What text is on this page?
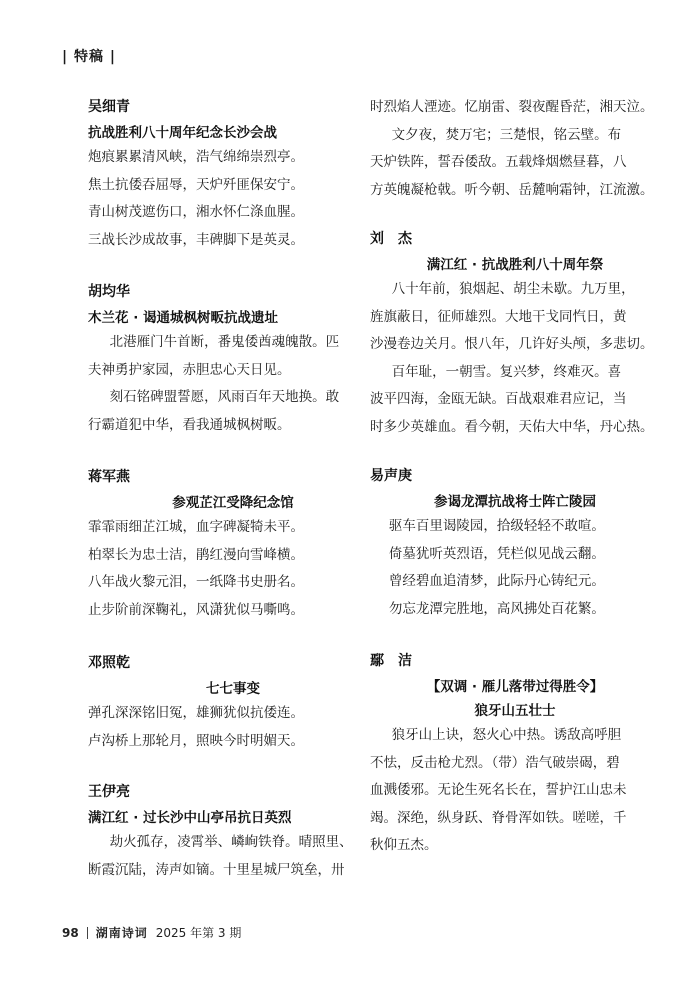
| 特稿 |
吴细青
抗战胜利八十周年纪念长沙会战
炮痕累累清风峡，浩气绵绵崇烈亭。
焦土抗倭吞屈辱，天炉歼匪保安宁。
青山树茂遮伤口，湘水怀仁涤血腥。
三战长沙成故事，丰碑脚下是英灵。
胡均华
木兰花 · 谒通城枫树畈抗战遗址
北港雁门牛首断，番鬼倭酋魂魄散。匹
夫神勇护家园，赤胆忠心天日见。
刻石铭碑盟誓愿，风雨百年天地换。敢
行霸道犯中华，看我通城枫树畈。
蒋军燕
参观芷江受降纪念馆
霏霏雨细芷江城，血字碑凝犄未平。
柏翠长为忠士洁，鹃红漫向雪峰横。
八年战火黎元泪，一纸降书史册名。
止步阶前深鞠礼，风潇犹似马嘶鸣。
邓照乾
七七事变
弹孔深深铭旧冤，雄狮犹似抗倭连。
卢沟桥上那轮月，照映今时明媚天。
王伊亮
满江红 · 过长沙中山亭吊抗日英烈
劫火孤存，凌霄举、嶙峋铁脊。晴照里、
断霞沉陆，涛声如镝。十里星城尸筑垒，卅
时烈焰人湮迹。忆崩雷、裂夜醒昏茫，湘天泣。
文夕夜，焚万宅；三楚恨，铭云壁。布
天炉铁阵，誓吞倭敌。五载烽烟燃昼暮，八
方英魄凝枪戟。听今朝、岳麓响霜钟，江流激。
刘　杰
满江红 · 抗战胜利八十周年祭
八十年前，狼烟起、胡尘未歇。九万里，
旌旗蔽日，征师雄烈。大地干戈同忾日，黄
沙漫卷边关月。恨八年，几许好头颅，多悲切。
百年耻，一朝雪。复兴梦，终难灭。喜
波平四海，金瓯无缺。百战艰难君应记，当
时多少英雄血。看今朝，天佑大中华，丹心热。
易声庚
参谒龙潭抗战将士阵亡陵园
驱车百里谒陵园，拾级轻轻不敢喧。
倚墓犹听英烈语，凭栏似见战云翻。
曾经碧血追清梦，此际丹心铸纪元。
勿忘龙潭完胜地，高风拂处百花繁。
鄢　洁
【双调 · 雁儿落带过得胜令】
狼牙山五壮士
狼牙山上诀，怒火心中热。诱敌高呼胆
不怯，反击枪尤烈。（带）浩气破崇碣，碧
血溅倭邪。无论生死名长在，誓护江山忠未
竭。深绝，纵身跃、脊骨浑如铁。嗟嗟，千
秋仰五杰。
98 湖南诗词 2025 年第 3 期
